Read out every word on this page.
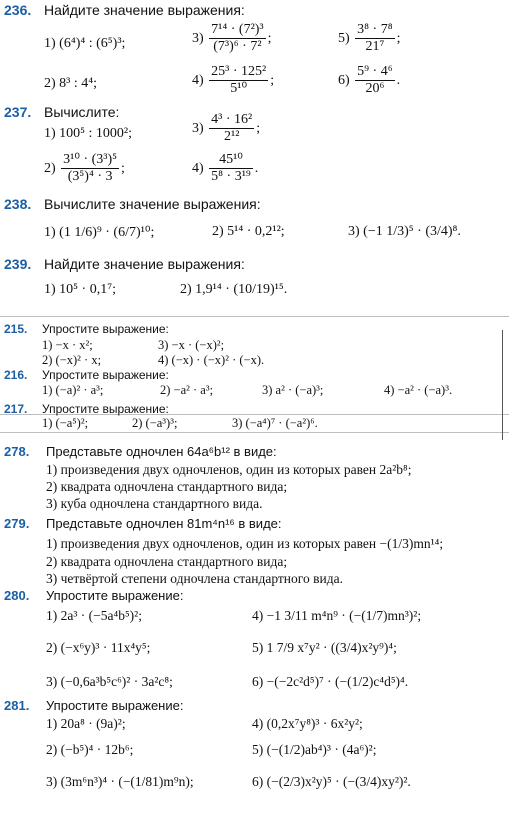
236. Найдите значение выражения:
1) (6⁴)⁴ : (6⁵)³;	$3) \frac{\text{7¹⁴ · (7²)³}}{\text{(7³)⁶ · 7²}}$ ;	$5) \frac{\text{3⁸ · 7⁸}}{\text{21⁷}}$ ;
2) 8³ : 4⁴;	$4) \frac{\text{25³ · 125²}}{\text{5¹⁰}}$ ;	$6) \frac{\text{5⁹ · 4⁶}}{\text{20⁶}}$ .
237. Вычислите:
1) 100⁵ : 1000²;	$3) \frac{\text{4³ · 16²}}{\text{2¹²}}$ ;
$2) \frac{\text{3¹⁰ · (3³)⁵}}{\text{(3⁵)⁴ · 3}}$ ;	$4) \frac{\text{45¹⁰}}{\text{5⁸ · 3¹⁹}}$ .
238. Вычислите значение выражения:
1) (1 1/6)⁹ · (6/7)¹⁰;	2) 5¹⁴ · 0,2¹²;	3) (−1 1/3)⁵ · (3/4)⁸.
239. Найдите значение выражения:
1) 10⁵ · 0,1⁷;	2) 1,9¹⁴ · (10/19)¹⁵.
215. Упростите выражение:
1) −x · x²;	3) −x · (−x)²;
2) (−x)² · x;	4) (−x) · (−x)² · (−x).
216. Упростите выражение:
1) (−a)² · a³;	2) −a² · a³;	3) a² · (−a)³;	4) −a² · (−a)³.
217. Упростите выражение:
1) (−a⁵)²;	2) (−a³)³;	3) (−a⁴)⁷ · (−a²)⁶.
278. Представьте одночлен 64a⁶b¹² в виде:
1) произведения двух одночленов, один из которых равен 2a²b⁸;
2) квадрата одночлена стандартного вида;
3) куба одночлена стандартного вида.
279. Представьте одночлен 81m⁴n¹⁶ в виде:
1) произведения двух одночленов, один из которых равен −(1/3)mn¹⁴;
2) квадрата одночлена стандартного вида;
3) четвёртой степени одночлена стандартного вида.
280. Упростите выражение:
1) 2a³ · (−5a⁴b⁵)²;	4) −1 3/11 m⁴n⁹ · (−(1/7)mn³)²;
2) (−x⁶y)³ · 11x⁴y⁵;	5) 1 7/9 x⁷y² · ((3/4)x²y⁹)⁴;
3) (−0,6a³b⁵c⁶)² · 3a²c⁸;	6) −(−2c²d⁵)⁷ · (−(1/2)c⁴d⁵)⁴.
281. Упростите выражение:
1) 20a⁸ · (9a)²;	4) (0,2x⁷y⁸)³ · 6x²y²;
2) (−b⁵)⁴ · 12b⁶;	5) (−(1/2)ab⁴)³ · (4a⁶)²;
3) (3m⁶n³)⁴ · (−(1/81)m⁹n);	6) (−(2/3)x²y)⁵ · (−(3/4)xy²)².
